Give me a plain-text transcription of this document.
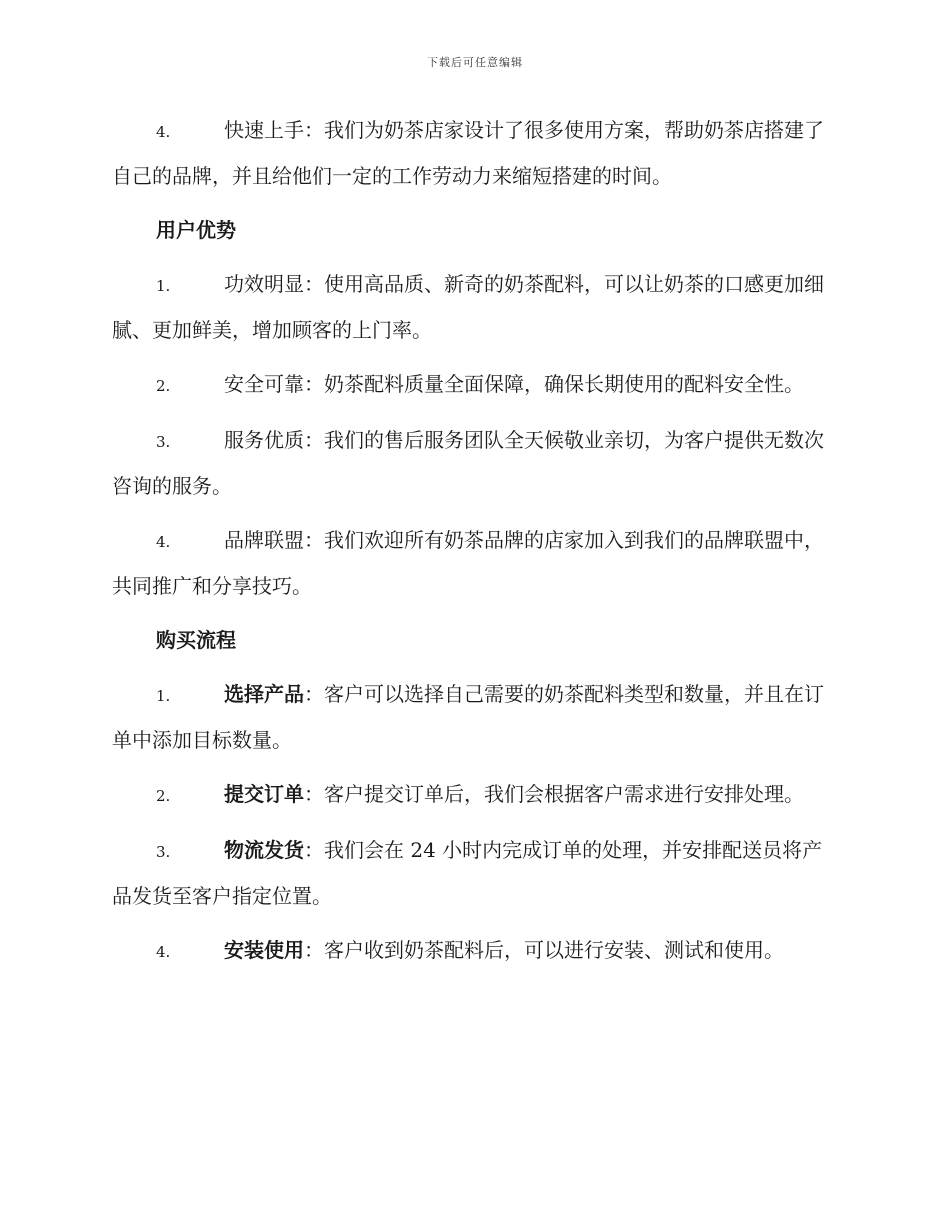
下载后可任意编辑

4.	快速上手：我们为奶茶店家设计了很多使用方案，帮助奶茶店搭建了自己的品牌，并且给他们一定的工作劳动力来缩短搭建的时间。

用户优势

1.	功效明显：使用高品质、新奇的奶茶配料，可以让奶茶的口感更加细腻、更加鲜美，增加顾客的上门率。

2.	安全可靠：奶茶配料质量全面保障，确保长期使用的配料安全性。

3.	服务优质：我们的售后服务团队全天候敬业亲切，为客户提供无数次咨询的服务。

4.	品牌联盟：我们欢迎所有奶茶品牌的店家加入到我们的品牌联盟中，共同推广和分享技巧。

购买流程

1.	选择产品：客户可以选择自己需要的奶茶配料类型和数量，并且在订单中添加目标数量。

2.	提交订单：客户提交订单后，我们会根据客户需求进行安排处理。

3.	物流发货：我们会在 24 小时内完成订单的处理，并安排配送员将产品发货至客户指定位置。

4.	安装使用：客户收到奶茶配料后，可以进行安装、测试和使用。
